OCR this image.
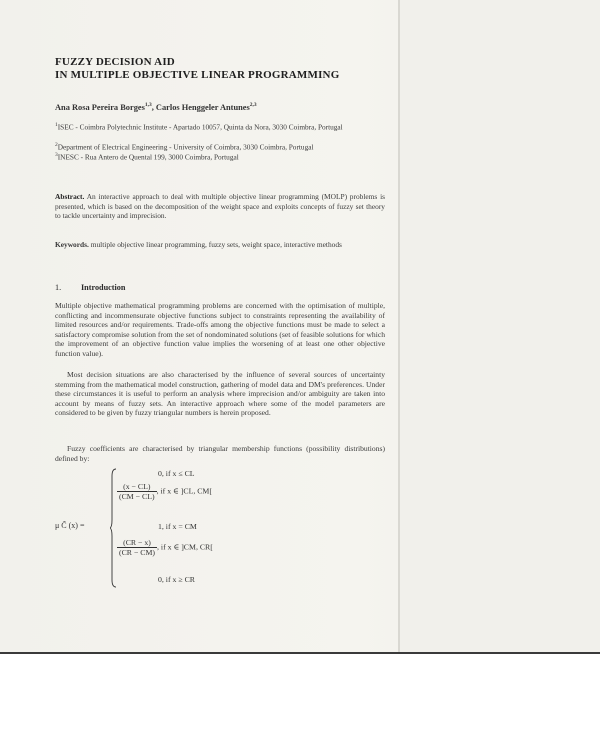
FUZZY DECISION AID
IN MULTIPLE OBJECTIVE LINEAR PROGRAMMING
Ana Rosa Pereira Borges$^{1,3}$, Carlos Henggeler Antunes$^{2,3}$
$^1$ISEC - Coimbra Polytechnic Institute - Apartado 10057, Quinta da Nora, 3030 Coimbra, Portugal
$^2$Department of Electrical Engineering - University of Coimbra, 3030 Coimbra, Portugal
$^3$INESC - Rua Antero de Quental 199, 3000 Coimbra, Portugal
Abstract. An interactive approach to deal with multiple objective linear programming (MOLP) problems is presented, which is based on the decomposition of the weight space and exploits concepts of fuzzy set theory to tackle uncertainty and imprecision.
Keywords. multiple objective linear programming, fuzzy sets, weight space, interactive methods
1. Introduction
Multiple objective mathematical programming problems are concerned with the optimisation of multiple, conflicting and incommensurate objective functions subject to constraints representing the availability of limited resources and/or requirements. Trade-offs among the objective functions must be made to select a satisfactory compromise solution from the set of nondominated solutions (set of feasible solutions for which the improvement of an objective function value implies the worsening of at least one other objective function value).
Most decision situations are also characterised by the influence of several sources of uncertainty stemming from the mathematical model construction, gathering of model data and DM's preferences. Under these circumstances it is useful to perform an analysis where imprecision and/or ambiguity are taken into account by means of fuzzy sets. An interactive approach where some of the model parameters are considered to be given by fuzzy triangular numbers is herein proposed.
Fuzzy coefficients are characterised by triangular membership functions (possibility distributions) defined by:
μ C̃ (x) =
0, if x ≤ CL
$\frac{(x - CL)}{(CM - CL)}$ , if x ∈ ]CL, CM[
1, if x = CM
$\frac{(CR - x)}{(CR - CM)}$ , if x ∈ ]CM, CR[
0, if x ≥ CR
